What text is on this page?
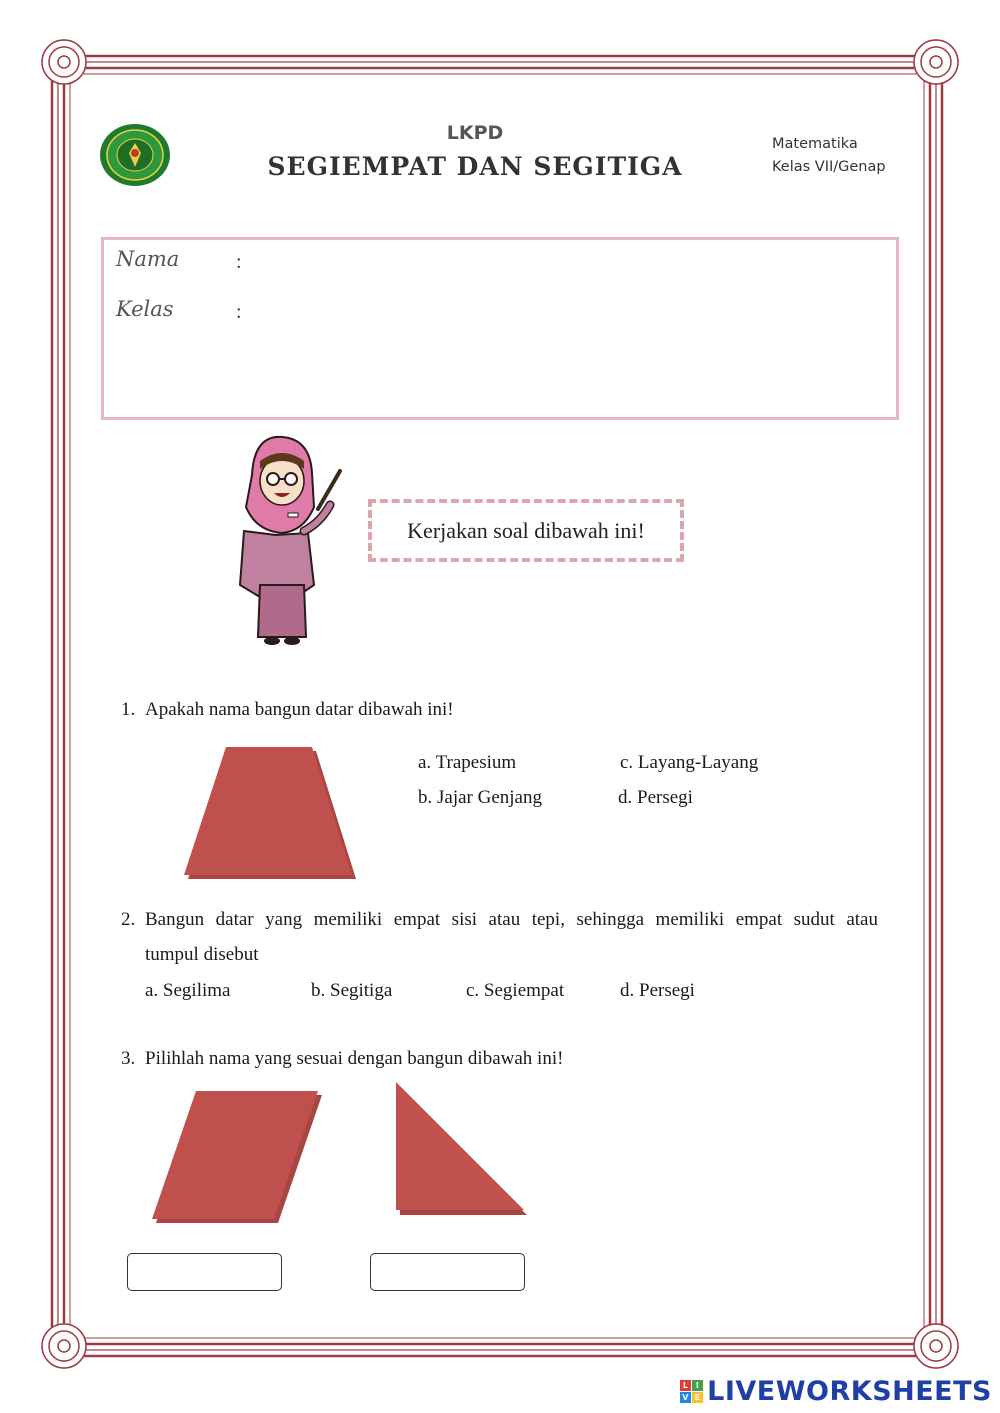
LKPD
SEGIEMPAT DAN SEGITIGA
Matematika
Kelas VII/Genap
Nama	:
Kelas	:
Kerjakan soal dibawah ini!
1. Apakah nama bangun datar dibawah ini!
a. Trapesium
b. Jajar Genjang
c. Layang-Layang
d. Persegi
2. Bangun datar yang memiliki empat sisi atau tepi, sehingga memiliki empat sudut atau
tumpul disebut
a. Segilima	b. Segitiga	c. Segiempat	d. Persegi
3. Pilihlah nama yang sesuai dengan bangun dibawah ini!
L I
V E LIVEWORKSHEETS
